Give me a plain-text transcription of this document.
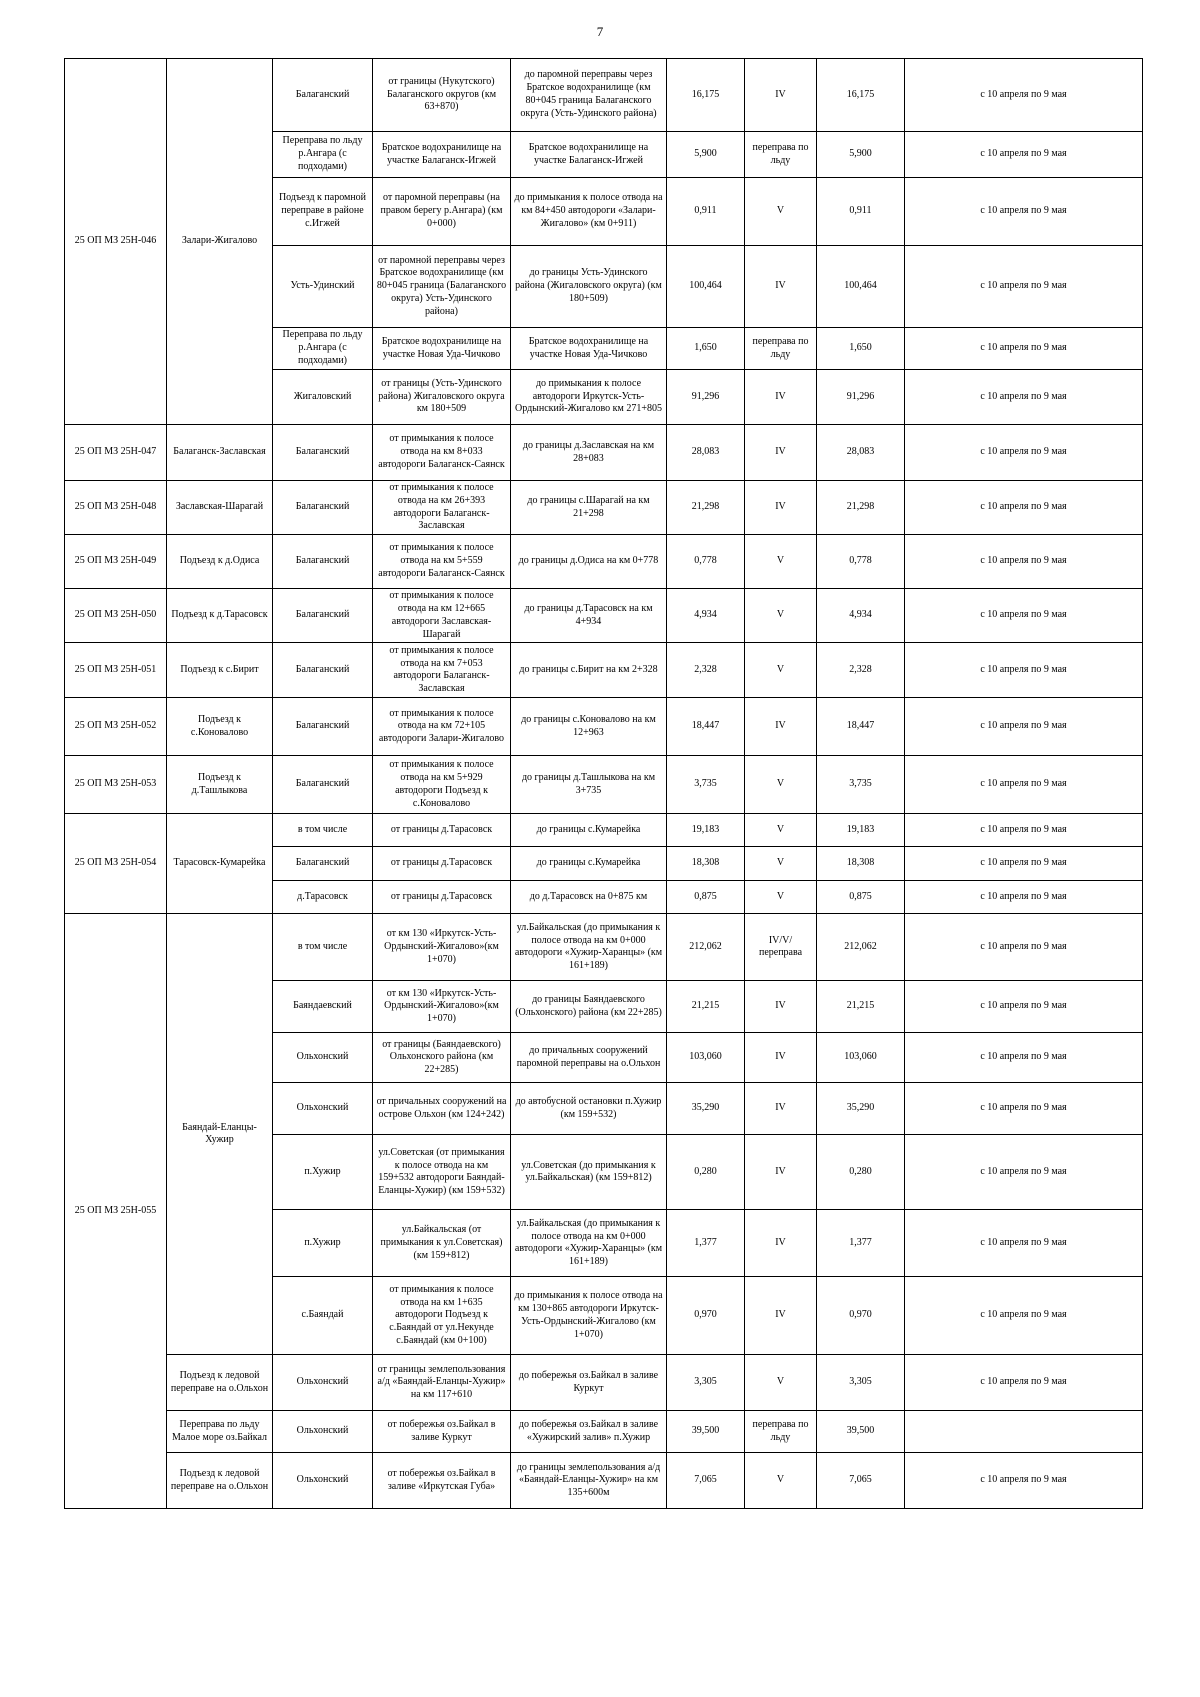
7
25 ОП МЗ 25Н-046	Залари-Жигалово	Балаганский	от границы (Нукутского) Балаганского округов (км 63+870)	до паромной переправы через Братское водохранилище (км 80+045 граница Балаганского округа (Усть-Удинского района)	16,175	IV	16,175	с 10 апреля по 9 мая
		Переправа по льду р.Ангара (с подходами)	Братское водохранилище на участке Балаганск-Игжей	Братское водохранилище на участке Балаганск-Игжей	5,900	переправа по льду	5,900	с 10 апреля по 9 мая
		Подъезд к паромной переправе в районе с.Игжей	от паромной переправы (на правом берегу р.Ангара) (км 0+000)	до примыкания к полосе отвода на км 84+450 автодороги «Залари-Жигалово» (км 0+911)	0,911	V	0,911	с 10 апреля по 9 мая
		Усть-Удинский	от паромной переправы через Братское водохранилище (км 80+045 граница (Балаганского округа) Усть-Удинского района)	до границы Усть-Удинского района (Жигаловского округа) (км 180+509)	100,464	IV	100,464	с 10 апреля по 9 мая
		Переправа по льду р.Ангара (с подходами)	Братское водохранилище на участке Новая Уда-Чичково	Братское водохранилище на участке Новая Уда-Чичково	1,650	переправа по льду	1,650	с 10 апреля по 9 мая
		Жигаловский	от границы (Усть-Удинского района) Жигаловского округа км 180+509	до примыкания к полосе автодороги Иркутск-Усть-Ордынский-Жигалово км 271+805	91,296	IV	91,296	с 10 апреля по 9 мая
25 ОП МЗ 25Н-047	Балаганск-Заславская	Балаганский	от примыкания к полосе отвода на км 8+033 автодороги Балаганск-Саянск	до границы д.Заславская на км 28+083	28,083	IV	28,083	с 10 апреля по 9 мая
25 ОП МЗ 25Н-048	Заславская-Шарагай	Балаганский	от примыкания к полосе отвода на км 26+393 автодороги Балаганск-Заславская	до границы с.Шарагай на км 21+298	21,298	IV	21,298	с 10 апреля по 9 мая
25 ОП МЗ 25Н-049	Подъезд к д.Одиса	Балаганский	от примыкания к полосе отвода на км 5+559 автодороги Балаганск-Саянск	до границы д.Одиса на км 0+778	0,778	V	0,778	с 10 апреля по 9 мая
25 ОП МЗ 25Н-050	Подъезд к д.Тарасовск	Балаганский	от примыкания к полосе отвода на км 12+665 автодороги Заславская-Шарагай	до границы д.Тарасовск на км 4+934	4,934	V	4,934	с 10 апреля по 9 мая
25 ОП МЗ 25Н-051	Подъезд к с.Бирит	Балаганский	от примыкания к полосе отвода на км 7+053 автодороги Балаганск-Заславская	до границы с.Бирит на км 2+328	2,328	V	2,328	с 10 апреля по 9 мая
25 ОП МЗ 25Н-052	Подъезд к с.Коновалово	Балаганский	от примыкания к полосе отвода на км 72+105 автодороги Залари-Жигалово	до границы с.Коновалово на км 12+963	18,447	IV	18,447	с 10 апреля по 9 мая
25 ОП МЗ 25Н-053	Подъезд к д.Ташлыкова	Балаганский	от примыкания к полосе отвода на км 5+929 автодороги Подъезд к с.Коновалово	до границы д.Ташлыкова на км 3+735	3,735	V	3,735	с 10 апреля по 9 мая
25 ОП МЗ 25Н-054	Тарасовск-Кумарейка	в том числе	от границы д.Тарасовск	до границы с.Кумарейка	19,183	V	19,183	с 10 апреля по 9 мая
		Балаганский	от границы д.Тарасовск	до границы с.Кумарейка	18,308	V	18,308	с 10 апреля по 9 мая
		д.Тарасовск	от границы д.Тарасовск	до д.Тарасовск на 0+875 км	0,875	V	0,875	с 10 апреля по 9 мая
25 ОП МЗ 25Н-055	Баяндай-Еланцы-Хужир	в том числе	от км 130 «Иркутск-Усть-Ордынский-Жигалово»(км 1+070)	ул.Байкальская (до примыкания к полосе отвода на км 0+000 автодороги «Хужир-Харанцы» (км 161+189)	212,062	IV/V/переправа	212,062	с 10 апреля по 9 мая
		Баяндаевский	от км 130 «Иркутск-Усть-Ордынский-Жигалово»(км 1+070)	до границы Баяндаевского (Ольхонского) района (км 22+285)	21,215	IV	21,215	с 10 апреля по 9 мая
		Ольхонский	от границы (Баяндаевского) Ольхонского района (км 22+285)	до причальных сооружений паромной переправы на о.Ольхон	103,060	IV	103,060	с 10 апреля по 9 мая
		Ольхонский	от причальных сооружений на острове Ольхон (км 124+242)	до автобусной остановки п.Хужир (км 159+532)	35,290	IV	35,290	с 10 апреля по 9 мая
		п.Хужир	ул.Советская (от примыкания к полосе отвода на км 159+532 автодороги Баяндай-Еланцы-Хужир) (км 159+532)	ул.Советская (до примыкания к ул.Байкальская) (км 159+812)	0,280	IV	0,280	с 10 апреля по 9 мая
		п.Хужир	ул.Байкальская (от примыкания к ул.Советская) (км 159+812)	ул.Байкальская (до примыкания к полосе отвода на км 0+000 автодороги «Хужир-Харанцы» (км 161+189)	1,377	IV	1,377	с 10 апреля по 9 мая
		с.Баяндай	от примыкания к полосе отвода на км 1+635 автодороги Подъезд к с.Баяндай от ул.Некунде с.Баяндай (км 0+100)	до примыкания к полосе отвода на км 130+865 автодороги Иркутск-Усть-Ордынский-Жигалово (км 1+070)	0,970	IV	0,970	с 10 апреля по 9 мая
	Подъезд к ледовой переправе на о.Ольхон	Ольхонский	от границы землепользования а/д «Баяндай-Еланцы-Хужир» на км 117+610	до побережья оз.Байкал в заливе Куркут	3,305	V	3,305	с 10 апреля по 9 мая
	Переправа по льду Малое море оз.Байкал	Ольхонский	от побережья оз.Байкал в заливе Куркут	до побережья оз.Байкал в заливе «Хужирский залив» п.Хужир	39,500	переправа по льду	39,500	
	Подъезд к ледовой переправе на о.Ольхон	Ольхонский	от побережья оз.Байкал в заливе «Иркутская Губа»	до границы землепользования а/д «Баяндай-Еланцы-Хужир» на км 135+600м	7,065	V	7,065	с 10 апреля по 9 мая
